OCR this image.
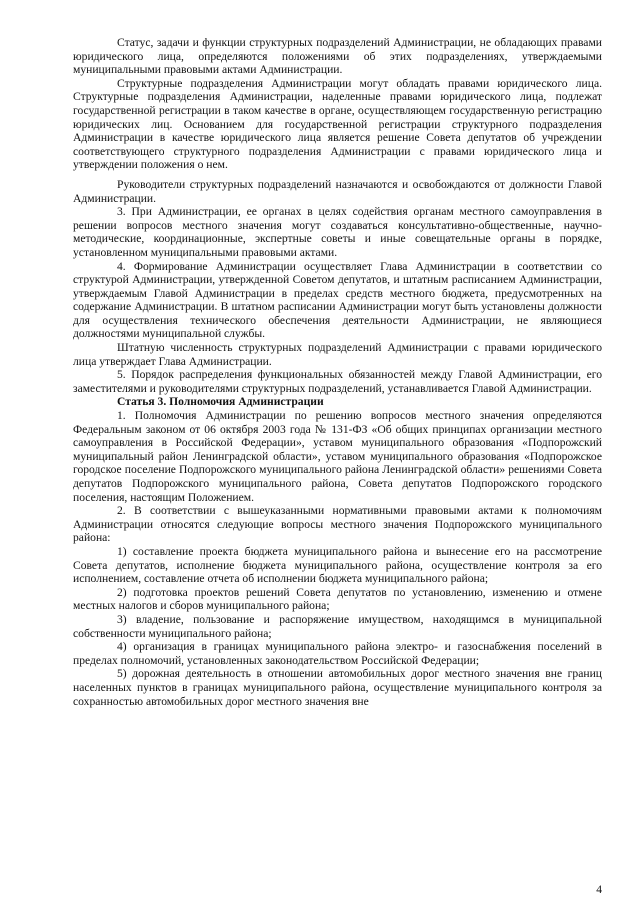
Статус, задачи и функции структурных подразделений Администрации, не обладающих правами юридического лица, определяются положениями об этих подразделениях, утверждаемыми муниципальными правовыми актами Администрации.

Структурные подразделения Администрации могут обладать правами юридического лица. Структурные подразделения Администрации, наделенные правами юридического лица, подлежат государственной регистрации в таком качестве в органе, осуществляющем государственную регистрацию юридических лиц. Основанием для государственной регистрации структурного подразделения Администрации в качестве юридического лица является решение Совета депутатов об учреждении соответствующего структурного подразделения Администрации с правами юридического лица и утверждении положения о нем.

Руководители структурных подразделений назначаются и освобождаются от должности Главой Администрации.

3. При Администрации, ее органах в целях содействия органам местного самоуправления в решении вопросов местного значения могут создаваться консультативно-общественные, научно-методические, координационные, экспертные советы и иные совещательные органы в порядке, установленном муниципальными правовыми актами.

4. Формирование Администрации осуществляет Глава Администрации в соответствии со структурой Администрации, утвержденной Советом депутатов, и штатным расписанием Администрации, утверждаемым Главой Администрации в пределах средств местного бюджета, предусмотренных на содержание Администрации. В штатном расписании Администрации могут быть установлены должности для осуществления технического обеспечения деятельности Администрации, не являющиеся должностями муниципальной службы.

Штатную численность структурных подразделений Администрации с правами юридического лица утверждает Глава Администрации.

5. Порядок распределения функциональных обязанностей между Главой Администрации, его заместителями и руководителями структурных подразделений, устанавливается Главой Администрации.

Статья 3. Полномочия Администрации

1. Полномочия Администрации по решению вопросов местного значения определяются Федеральным законом от 06 октября 2003 года № 131-ФЗ «Об общих принципах организации местного самоуправления в Российской Федерации», уставом муниципального образования «Подпорожский муниципальный район Ленинградской области», уставом муниципального образования «Подпорожское городское поселение Подпорожского муниципального района Ленинградской области» решениями Совета депутатов Подпорожского муниципального района, Совета депутатов Подпорожского городского поселения, настоящим Положением.

2. В соответствии с вышеуказанными нормативными правовыми актами к полномочиям Администрации относятся следующие вопросы местного значения Подпорожского муниципального района:

1) составление проекта бюджета муниципального района и вынесение его на рассмотрение Совета депутатов, исполнение бюджета муниципального района, осуществление контроля за его исполнением, составление отчета об исполнении бюджета муниципального района;

2) подготовка проектов решений Совета депутатов по установлению, изменению и отмене местных налогов и сборов муниципального района;

3) владение, пользование и распоряжение имуществом, находящимся в муниципальной собственности муниципального района;

4) организация в границах муниципального района электро- и газоснабжения поселений в пределах полномочий, установленных законодательством Российской Федерации;

5) дорожная деятельность в отношении автомобильных дорог местного значения вне границ населенных пунктов в границах муниципального района, осуществление муниципального контроля за сохранностью автомобильных дорог местного значения вне

4
